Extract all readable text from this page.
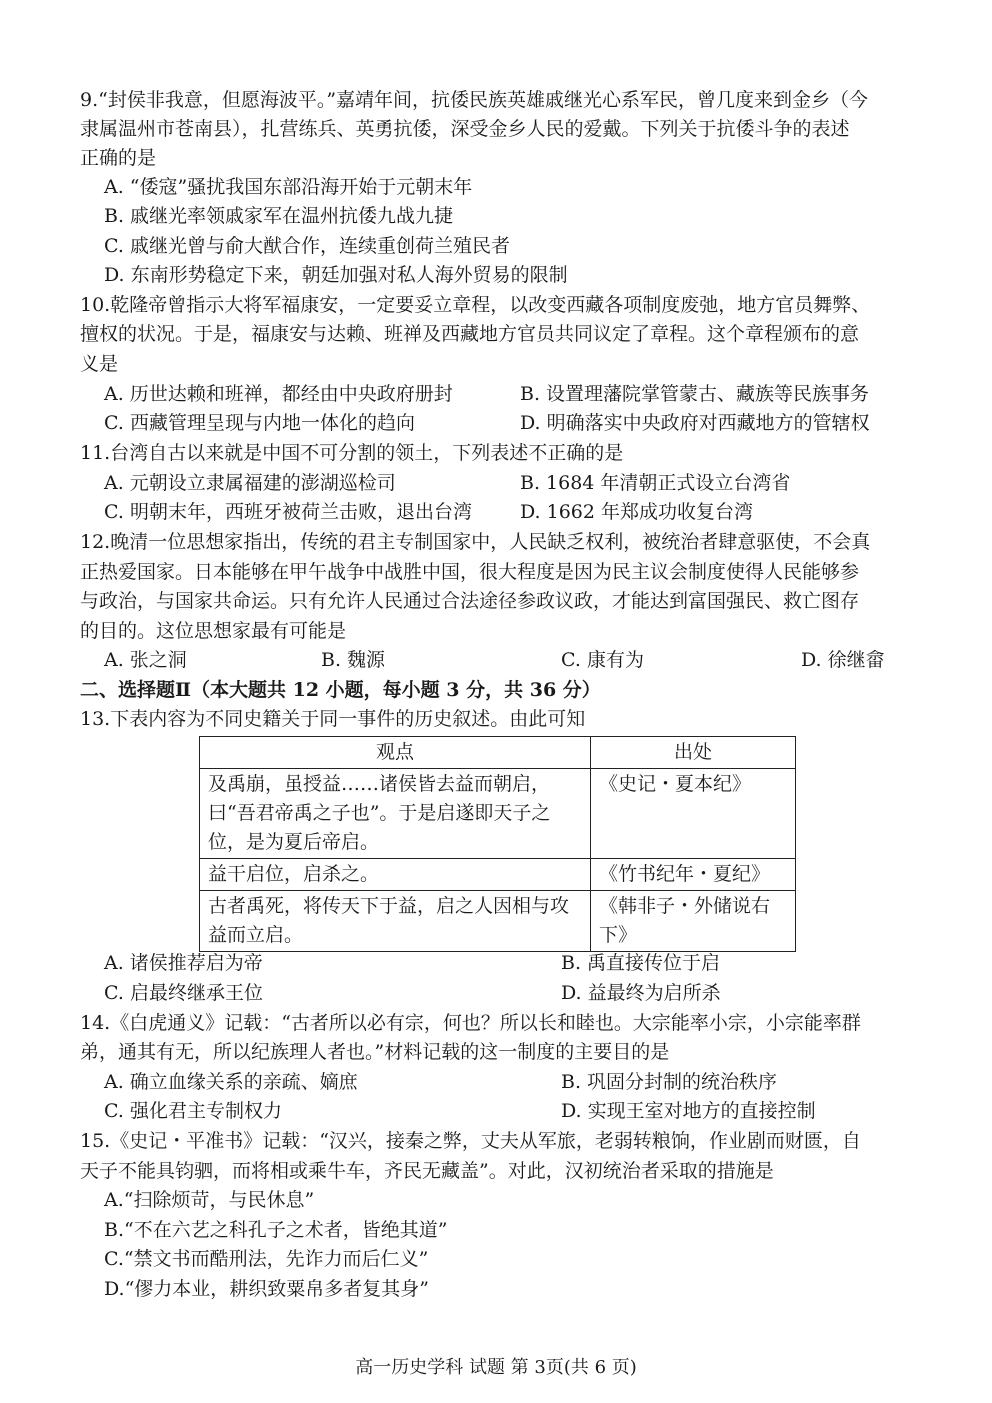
9.“封侯非我意，但愿海波平。”嘉靖年间，抗倭民族英雄戚继光心系军民，曾几度来到金乡（今
隶属温州市苍南县），扎营练兵、英勇抗倭，深受金乡人民的爱戴。下列关于抗倭斗争的表述
正确的是
A. “倭寇”骚扰我国东部沿海开始于元朝末年
B. 戚继光率领戚家军在温州抗倭九战九捷
C. 戚继光曾与俞大猷合作，连续重创荷兰殖民者
D. 东南形势稳定下来，朝廷加强对私人海外贸易的限制
10.乾隆帝曾指示大将军福康安，一定要妥立章程，以改变西藏各项制度废弛，地方官员舞弊、
擅权的状况。于是，福康安与达赖、班禅及西藏地方官员共同议定了章程。这个章程颁布的意
义是
A. 历世达赖和班禅，都经由中央政府册封	B. 设置理藩院掌管蒙古、藏族等民族事务
C. 西藏管理呈现与内地一体化的趋向	D. 明确落实中央政府对西藏地方的管辖权
11.台湾自古以来就是中国不可分割的领土，下列表述不正确的是
A. 元朝设立隶属福建的澎湖巡检司	B. 1684 年清朝正式设立台湾省
C. 明朝末年，西班牙被荷兰击败，退出台湾	D. 1662 年郑成功收复台湾
12.晚清一位思想家指出，传统的君主专制国家中，人民缺乏权利，被统治者肆意驱使，不会真
正热爱国家。日本能够在甲午战争中战胜中国，很大程度是因为民主议会制度使得人民能够参
与政治，与国家共命运。只有允许人民通过合法途径参政议政，才能达到富国强民、救亡图存
的目的。这位思想家最有可能是
A. 张之洞	B. 魏源	C. 康有为	D. 徐继畲
二、选择题Ⅱ（本大题共 12 小题，每小题 3 分，共 36 分）
13.下表内容为不同史籍关于同一事件的历史叙述。由此可知
观点	出处
及禹崩，虽授益……诸侯皆去益而朝启，曰“吾君帝禹之子也”。于是启遂即天子之位，是为夏后帝启。	《史记・夏本纪》
益干启位，启杀之。	《竹书纪年・夏纪》
古者禹死，将传天下于益，启之人因相与攻益而立启。	《韩非子・外储说右下》
A. 诸侯推荐启为帝	B. 禹直接传位于启
C. 启最终继承王位	D. 益最终为启所杀
14.《白虎通义》记载：“古者所以必有宗，何也？所以长和睦也。大宗能率小宗，小宗能率群
弟，通其有无，所以纪族理人者也。”材料记载的这一制度的主要目的是
A. 确立血缘关系的亲疏、嫡庶	B. 巩固分封制的统治秩序
C. 强化君主专制权力	D. 实现王室对地方的直接控制
15.《史记・平准书》记载：“汉兴，接秦之弊，丈夫从军旅，老弱转粮饷，作业剧而财匮，自
天子不能具钧驷，而将相或乘牛车，齐民无藏盖”。对此，汉初统治者采取的措施是
A.“扫除烦苛，与民休息”
B.“不在六艺之科孔子之术者，皆绝其道”
C.“禁文书而酷刑法，先诈力而后仁义”
D.“僇力本业，耕织致粟帛多者复其身”
高一历史学科 试题 第 3页(共 6 页)
